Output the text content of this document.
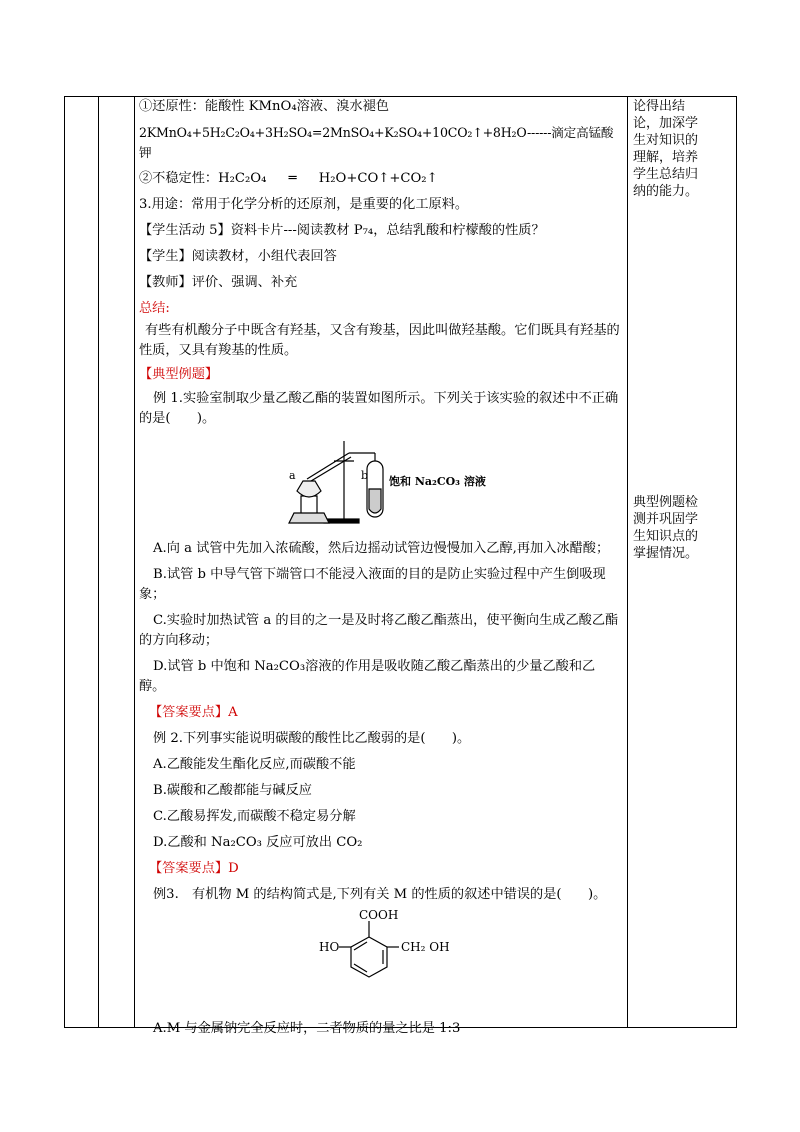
①还原性：能酸性 KMnO₄溶液、溴水褪色

2KMnO₄+5H₂C₂O₄+3H₂SO₄=2MnSO₄+K₂SO₄+10CO₂↑+8H₂O------滴定高锰酸钾

②不稳定性：H₂C₂O₄ ═ H₂O+CO↑+CO₂↑

3.用途：常用于化学分析的还原剂，是重要的化工原料。

【学生活动 5】资料卡片---阅读教材 P₇₄，总结乳酸和柠檬酸的性质？

【学生】阅读教材，小组代表回答

【教师】评价、强调、补充

总结:

有些有机酸分子中既含有羟基，又含有羧基，因此叫做羟基酸。它们既具有羟基的性质，又具有羧基的性质。

【典型例题】

例 1.实验室制取少量乙酸乙酯的装置如图所示。下列关于该实验的叙述中不正确的是(　　)。

a	b 饱和 Na₂CO₃ 溶液

A.向 a 试管中先加入浓硫酸，然后边摇动试管边慢慢加入乙醇,再加入冰醋酸；

B.试管 b 中导气管下端管口不能浸入液面的目的是防止实验过程中产生倒吸现象；

C.实验时加热试管 a 的目的之一是及时将乙酸乙酯蒸出，使平衡向生成乙酸乙酯的方向移动；

D.试管 b 中饱和 Na₂CO₃溶液的作用是吸收随乙酸乙酯蒸出的少量乙酸和乙醇。

【答案要点】A

例 2.下列事实能说明碳酸的酸性比乙酸弱的是(　　)。

A.乙酸能发生酯化反应,而碳酸不能

B.碳酸和乙酸都能与碱反应

C.乙酸易挥发,而碳酸不稳定易分解

D.乙酸和 Na₂CO₃ 反应可放出 CO₂

【答案要点】D

例3.　有机物 M 的结构简式是,下列有关 M 的性质的叙述中错误的是(　　)。

COOH
HO	CH₂ OH

A.M 与金属钠完全反应时，二者物质的量之比是 1:3

论得出结论，加深学生对知识的理解，培养学生总结归纳的能力。

典型例题检测并巩固学生知识点的掌握情况。
